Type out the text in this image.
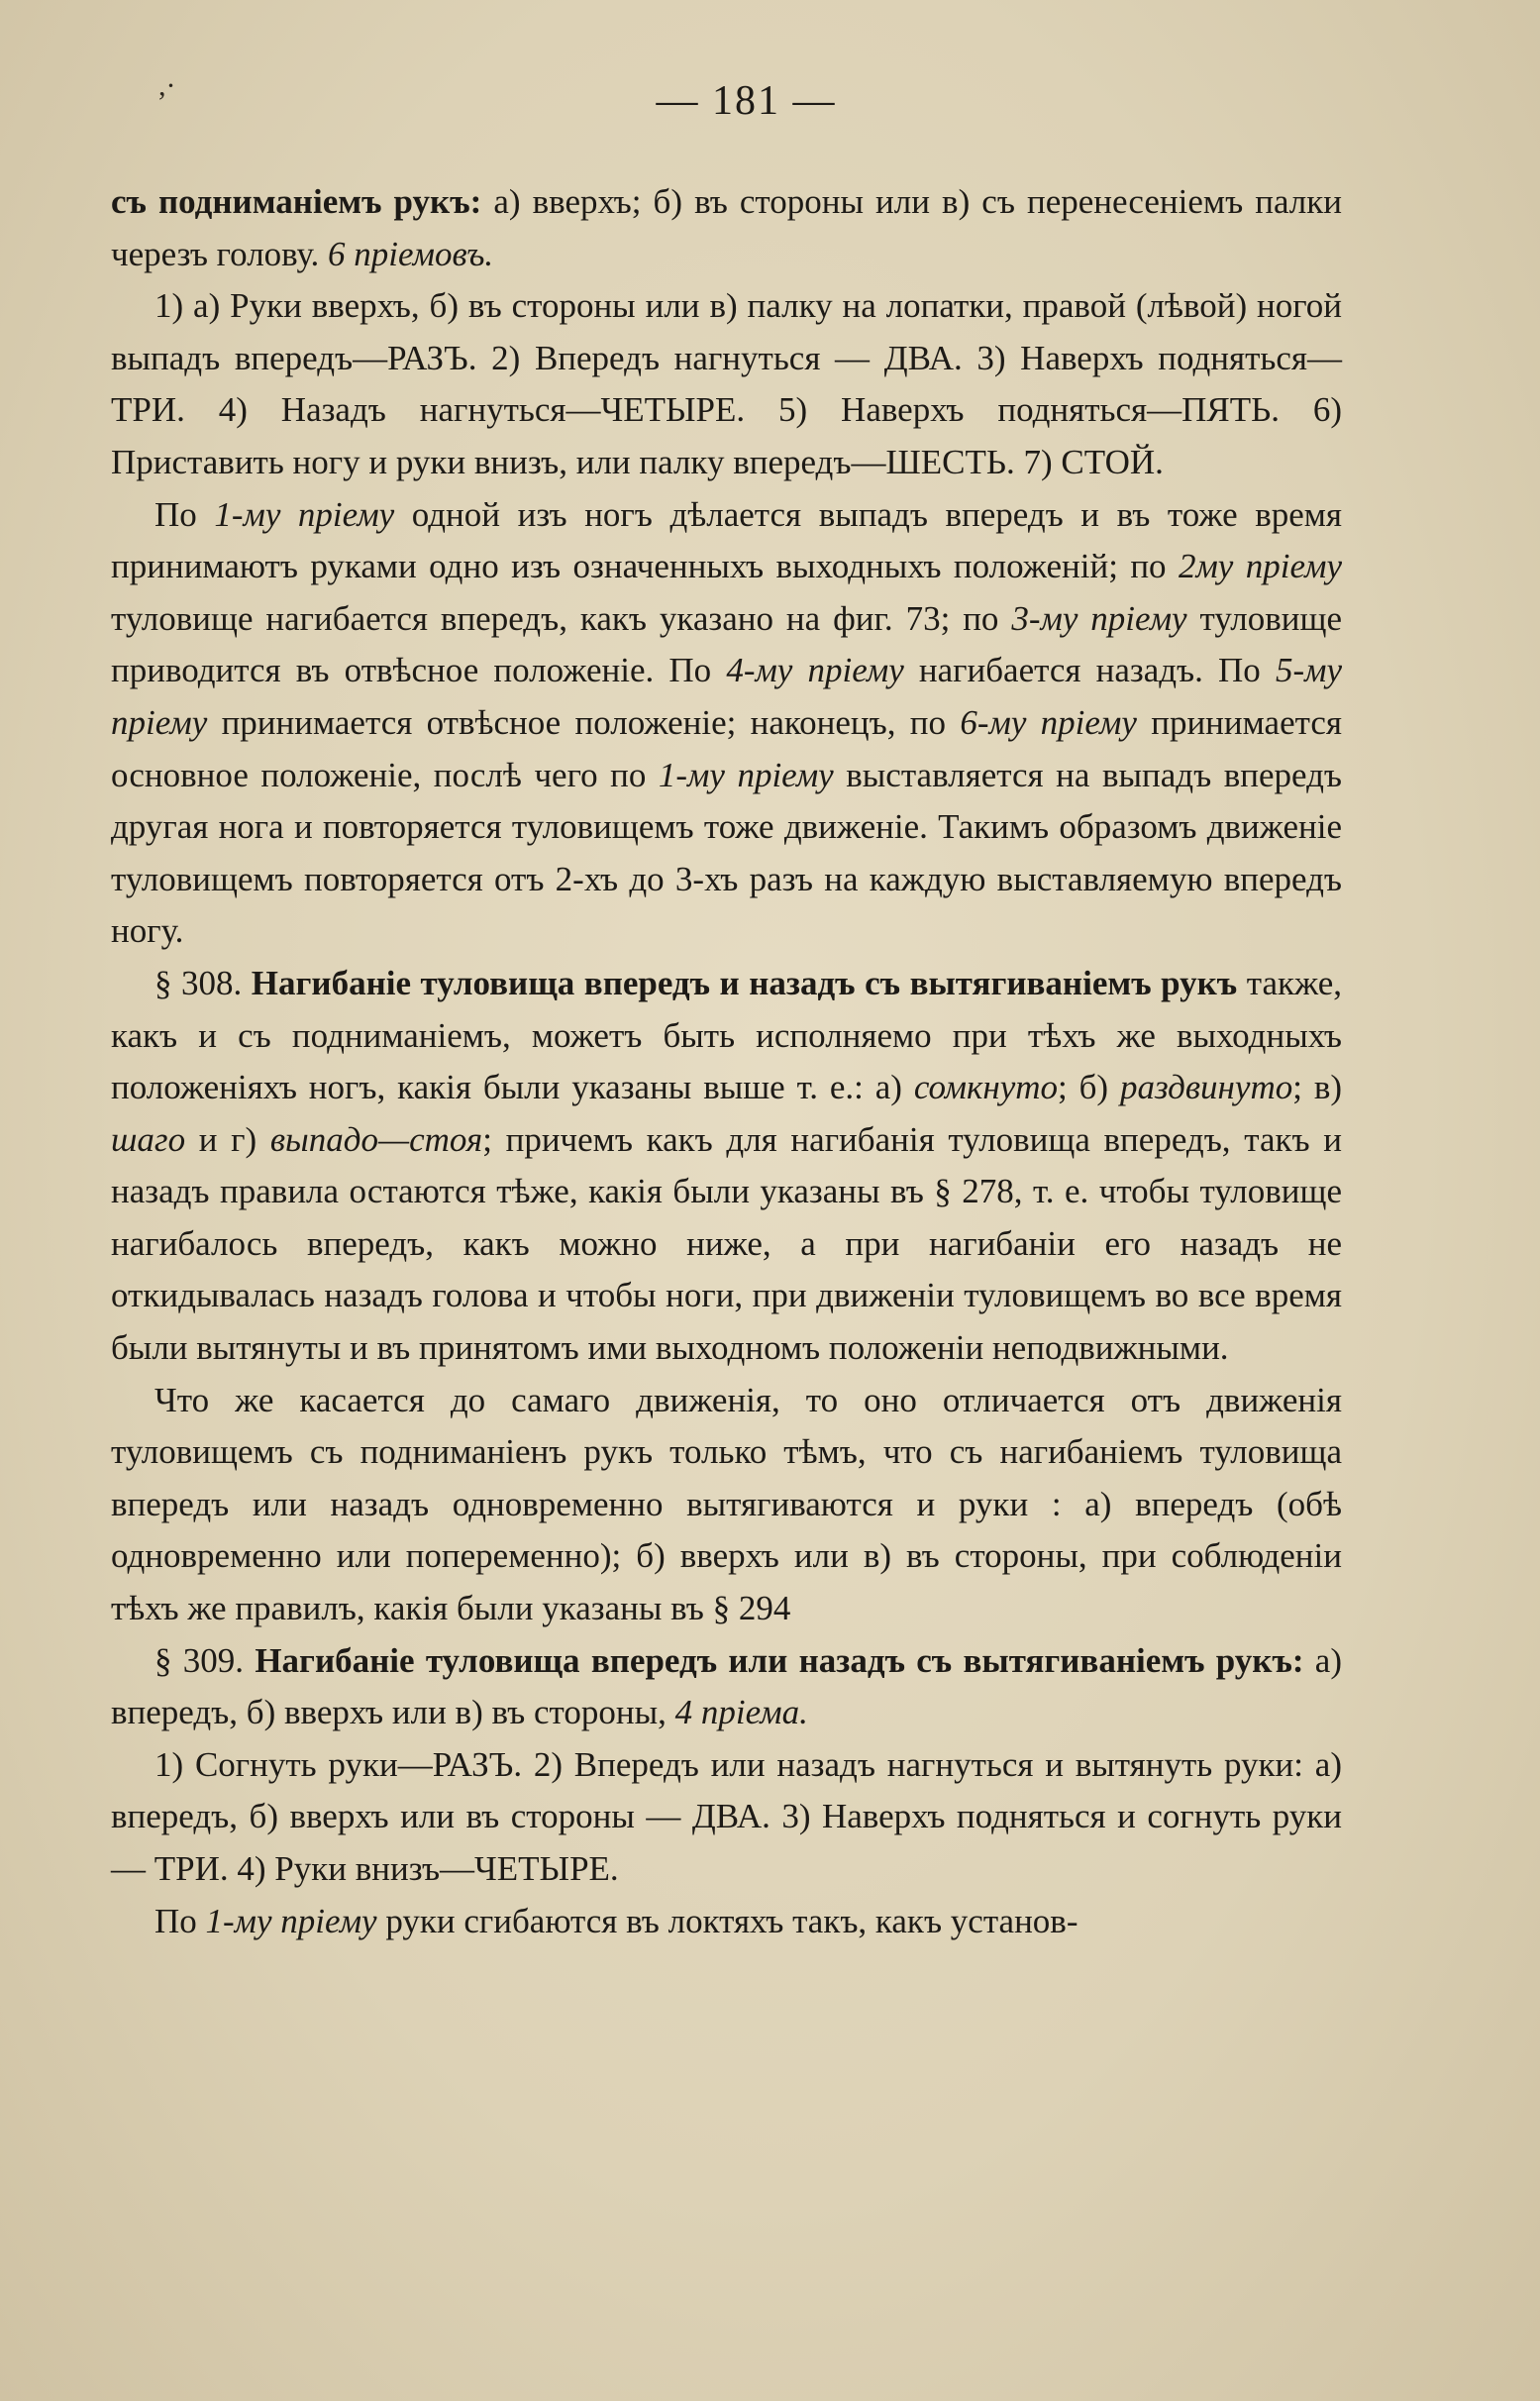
,·	— 181 —

съ подниманіемъ рукъ: а) вверхъ; б) въ стороны или в) съ перенесеніемъ палки черезъ голову. 6 пріемовъ.

1) а) Руки вверхъ, б) въ стороны или в) палку на лопатки, правой (лѣвой) ногой выпадъ впередъ—РАЗЪ. 2) Впередъ нагнуться — ДВА. 3) Наверхъ подняться—ТРИ. 4) Назадъ нагнуться—ЧЕТЫРЕ. 5) Наверхъ подняться—ПЯТЬ. 6) Приставить ногу и руки внизъ, или палку впередъ—ШЕСТЬ. 7) СТОЙ.

По 1-му пріему одной изъ ногъ дѣлается выпадъ впередъ и въ тоже время принимаютъ руками одно изъ означенныхъ выходныхъ положеній; по 2му пріему туловище нагибается впередъ, какъ указано на фиг. 73; по 3-му пріему туловище приводится въ отвѣсное положеніе. По 4-му пріему нагибается назадъ. По 5-му пріему принимается отвѣсное положеніе; наконецъ, по 6-му пріему принимается основное положеніе, послѣ чего по 1-му пріему выставляется на выпадъ впередъ другая нога и повторяется туловищемъ тоже движеніе. Такимъ образомъ движеніе туловищемъ повторяется отъ 2-хъ до 3-хъ разъ на каждую выставляемую впередъ ногу.

§ 308. Нагибаніе туловища впередъ и назадъ съ вытягиваніемъ рукъ также, какъ и съ подниманіемъ, можетъ быть исполняемо при тѣхъ же выходныхъ положеніяхъ ногъ, какія были указаны выше т. е.: а) сомкнуто; б) раздвинуто; в) шаго и г) выпадо—стоя; причемъ какъ для нагибанія туловища впередъ, такъ и назадъ правила остаются тѣже, какія были указаны въ § 278, т. е. чтобы туловище нагибалось впередъ, какъ можно ниже, а при нагибаніи его назадъ не откидывалась назадъ голова и чтобы ноги, при движеніи туловищемъ во все время были вытянуты и въ принятомъ ими выходномъ положеніи неподвижными.

Что же касается до самаго движенія, то оно отличается отъ движенія туловищемъ съ подниманіенъ рукъ только тѣмъ, что съ нагибаніемъ туловища впередъ или назадъ одновременно вытягиваются и руки : а) впередъ (обѣ одновременно или попеременно); б) вверхъ или в) въ стороны, при соблюденіи тѣхъ же правилъ, какія были указаны въ § 294

§ 309. Нагибаніе туловища впередъ или назадъ съ вытягиваніемъ рукъ: а) впередъ, б) вверхъ или в) въ стороны, 4 пріема.

1) Согнуть руки—РАЗЪ. 2) Впередъ или назадъ нагнуться и вытянуть руки: а) впередъ, б) вверхъ или въ стороны — ДВА. 3) Наверхъ подняться и согнуть руки — ТРИ. 4) Руки внизъ—ЧЕТЫРЕ.

По 1-му пріему руки сгибаются въ локтяхъ такъ, какъ установ-
